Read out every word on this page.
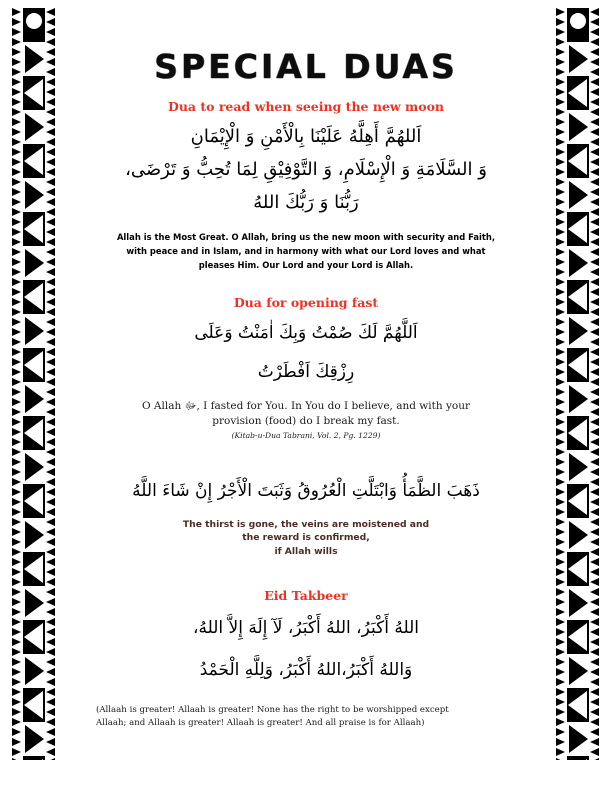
SPECIAL DUAS

Dua to read when seeing the new moon

اَللهُمَّ أَهِلَّهُ عَلَيْنَا بِالْأَمْنِ وَ الْإِيْمَانِ

وَ السَّلَامَةِ وَ الْإِسْلَامِ، وَ التَّوْفِيْقِ لِمَا تُحِبُّ وَ تَرْضَى،

رَبُّنَا وَ رَبُّكَ اللهُ

Allah is the Most Great. O Allah, bring us the new moon with security and Faith,

with peace and in Islam, and in harmony with what our Lord loves and what

pleases Him. Our Lord and your Lord is Allah.

Dua for opening fast

اَللَّهُمَّ لَكَ صُمْتُ وَبِكَ اٰمَنْتُ وَعَلَى

رِزْقِكَ اَفْطَرْتُ

O Allah ﷻ, I fasted for You. In You do I believe, and with your

provision (food) do I break my fast.

(Kitab-u-Dua Tabrani, Vol. 2, Pg. 1229)

ذَهَبَ الظَّمَأُ وَابْتَلَّتِ الْعُرُوقُ وَثَبَتَ الْأَجْرُ إِنْ شَاءَ اللَّهُ

The thirst is gone, the veins are moistened and

the reward is confirmed,

if Allah wills

Eid Takbeer

اللهُ أَكْبَرُ، اللهُ أَكْبَرُ، لَآ إِلَهَ إِلاَّ اللهُ،

وَاللهُ أَكْبَرُ،اللهُ أَكْبَرُ، وَلِلَّهِ الْحَمْدُ

(Allaah is greater! Allaah is greater! None has the right to be worshipped except

Allaah; and Allaah is greater! Allaah is greater! And all praise is for Allaah)
